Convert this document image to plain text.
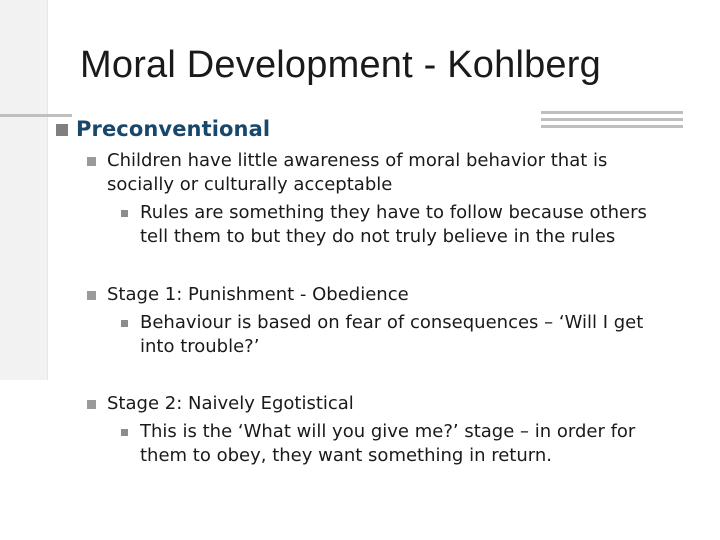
Moral Development - Kohlberg
Preconventional
Children have little awareness of moral behavior that is
socially or culturally acceptable
Rules are something they have to follow because others
tell them to but they do not truly believe in the rules
Stage 1: Punishment - Obedience
Behaviour is based on fear of consequences – ‘Will I get
into trouble?’
Stage 2: Naively Egotistical
This is the ‘What will you give me?’ stage – in order for
them to obey, they want something in return.
